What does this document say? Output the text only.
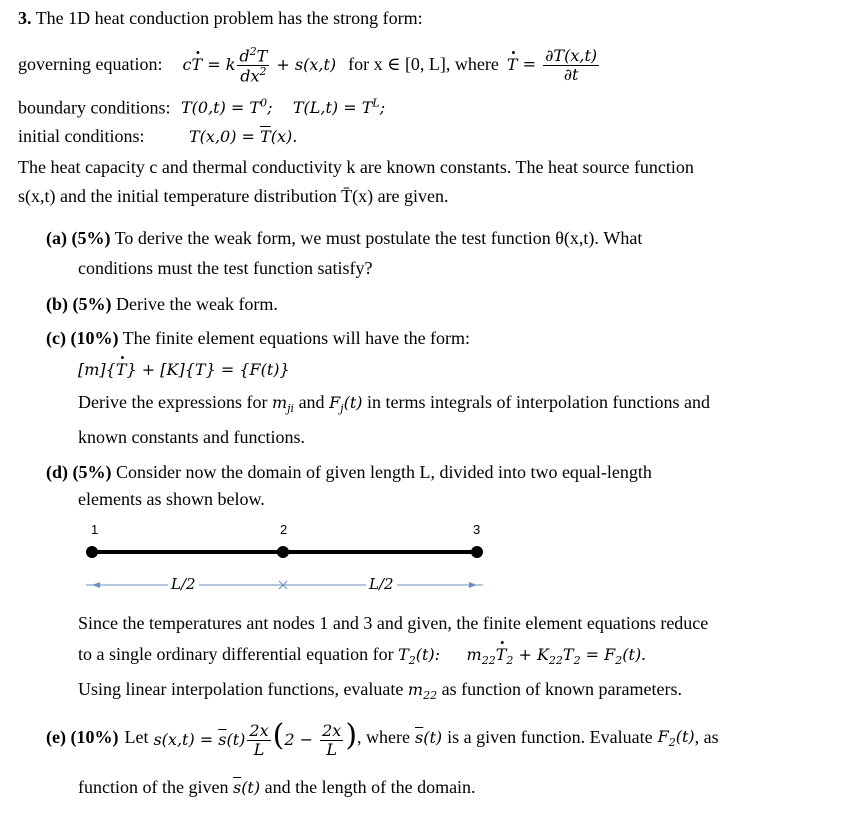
3. The 1D heat conduction problem has the strong form:
governing equation: cT · = k $\frac{d^2T}{dx^2} + s(x,t)$ for x ∈ [0, L] , where T · = $\frac{\partial T(x,t)}{\partial t}$
boundary conditions: $T(0,t) = T^0$;    $T(L,t) = T^L$;
initial conditions:	$T(x,0) = \overline{T}(x)$.
The heat capacity c and thermal conductivity k are known constants. The heat source function
s(x,t) and the initial temperature distribution T̄(x) are given.
(a) (5%) To derive the weak form, we must postulate the test function θ(x,t). What
conditions must the test function satisfy?
(b) (5%) Derive the weak form.
(c) (10%) The finite element equations will have the form:
[m]{T ·} + [K]{T} = {F(t)}
Derive the expressions for $m_{ji}$ and $F_j(t)$ in terms integrals of interpolation functions and
known constants and functions.
(d) (5%) Consider now the domain of given length L, divided into two equal-length
elements as shown below.
1	2	3
L/2	L/2
Since the temperatures ant nodes 1 and 3 and given, the finite element equations reduce
to a single ordinary differential equation for $T_2(t)$: $m_{22}T \cdot_2 + K_{22}T_2 = F_2(t)$.
Using linear interpolation functions, evaluate $m_{22}$ as function of known parameters.
(e) (10%) Let $s(x,t) = \overline{s}(t) \frac{2x}{L} (2 - \frac{2x}{L}$ ) , where $\overline{s}(t)$ is a given function. Evaluate $F_2(t)$ , as
function of the given $\overline{s}(t)$ and the length of the domain.
